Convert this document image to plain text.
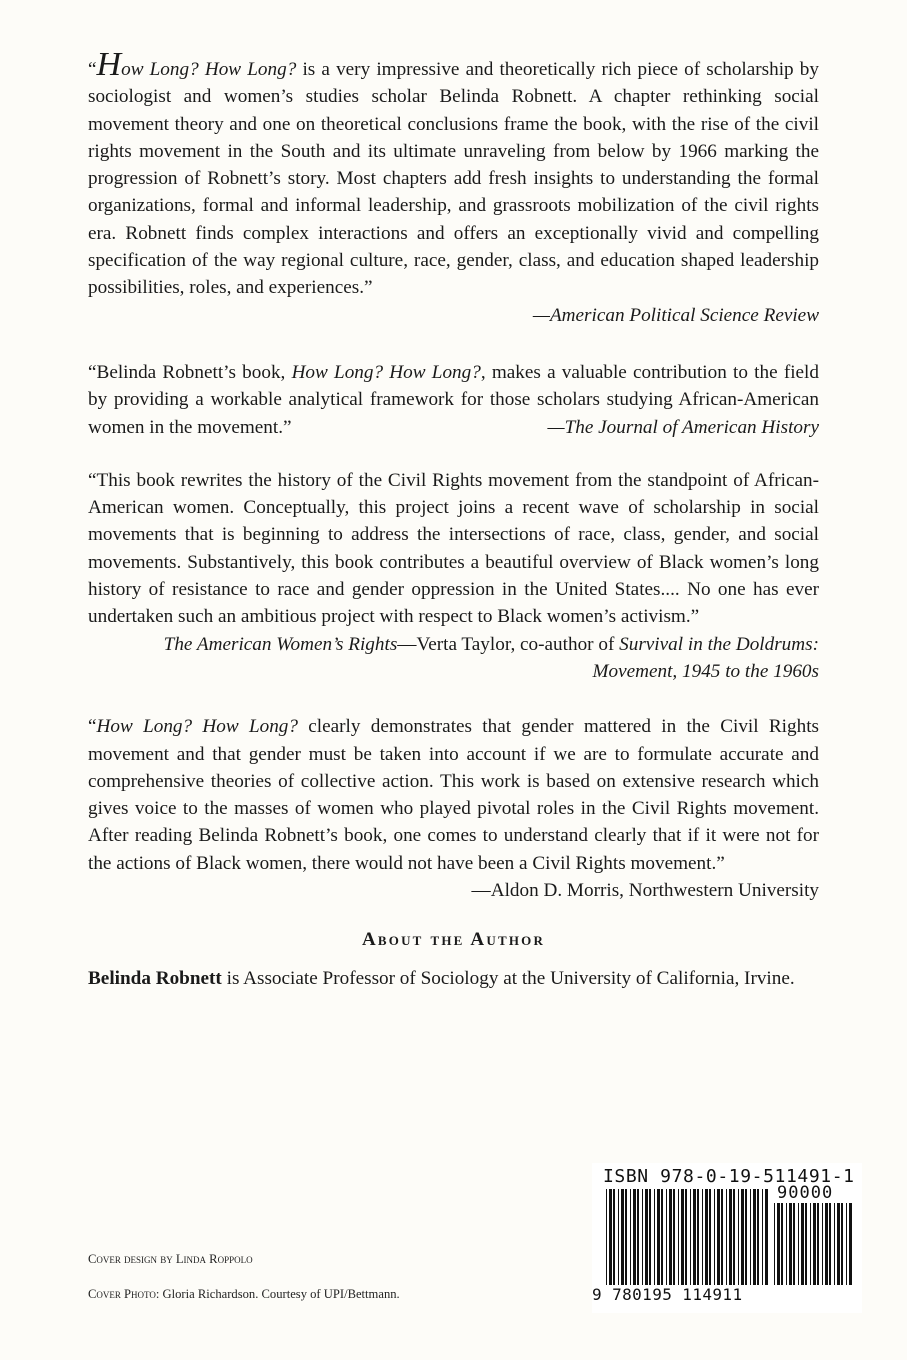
“How Long? How Long? is a very impressive and theoretically rich piece of scholarship by sociologist and women’s studies scholar Belinda Robnett. A chapter rethinking social movement theory and one on theoretical conclusions frame the book, with the rise of the civil rights movement in the South and its ultimate unraveling from below by 1966 marking the progression of Robnett’s story. Most chapters add fresh insights to understanding the formal organizations, formal and informal leadership, and grassroots mobilization of the civil rights era. Robnett finds complex interactions and offers an exceptionally vivid and compelling specification of the way regional culture, race, gender, class, and education shaped leadership possibilities, roles, and experiences.”

—American Political Science Review

“Belinda Robnett’s book, How Long? How Long?, makes a valuable contribution to the field by providing a workable analytical framework for those scholars studying African-American women in the movement.”	—The Journal of American History

“This book rewrites the history of the Civil Rights movement from the standpoint of African-American women. Conceptually, this project joins a recent wave of scholarship in social movements that is beginning to address the intersections of race, class, gender, and social movements. Substantively, this book contributes a beautiful overview of Black women’s long history of resistance to race and gender oppression in the United States.... No one has ever undertaken such an ambitious project with respect to Black women’s activism.”
—Verta Taylor, co-author of Survival in the Doldrums:

The American Women’s Rights Movement, 1945 to the 1960s

“How Long? How Long? clearly demonstrates that gender mattered in the Civil Rights movement and that gender must be taken into account if we are to formulate accurate and comprehensive theories of collective action. This work is based on extensive research which gives voice to the masses of women who played pivotal roles in the Civil Rights movement. After reading Belinda Robnett’s book, one comes to understand clearly that if it were not for the actions of Black women, there would not have been a Civil Rights movement.”
—Aldon D. Morris, Northwestern University

About the Author

Belinda Robnett is Associate Professor of Sociology at the University of California, Irvine.

Cover design by Linda Roppolo
Cover Photo: Gloria Richardson. Courtesy of UPI/Bettmann.
ISBN 978-0-19-511491-1
90000
9 780195 114911
